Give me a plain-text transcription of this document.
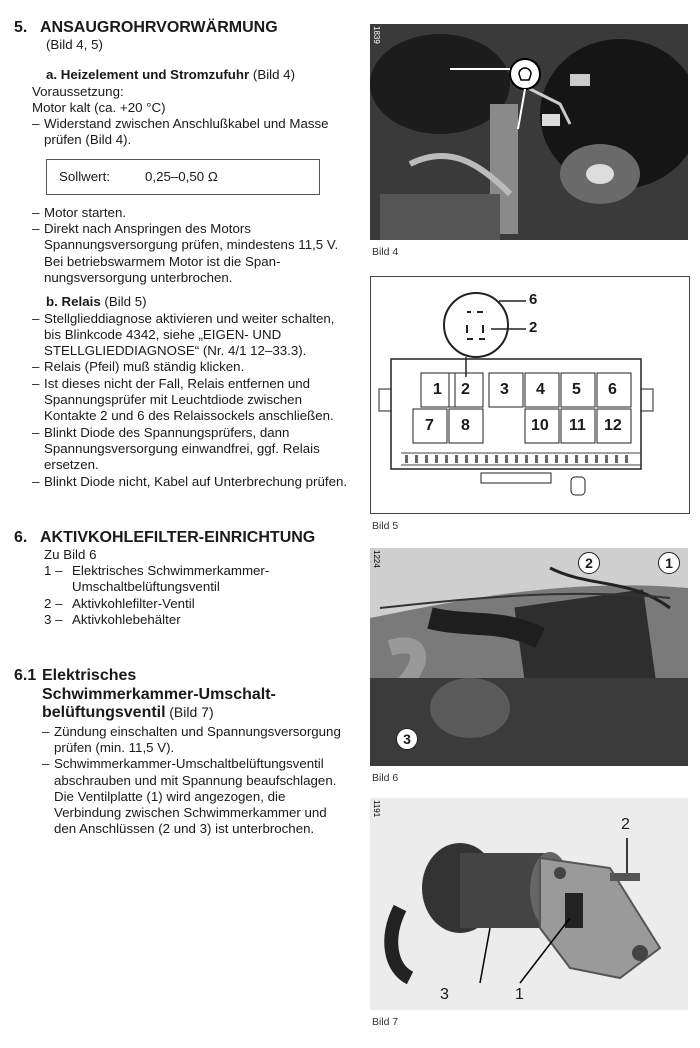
5. ANSAUGROHRVORWÄRMUNG

(Bild 4, 5)

a. Heizelement und Stromzufuhr (Bild 4)

Voraussetzung:

Motor kalt (ca. +20 °C)

– Widerstand zwischen Anschlußkabel und Masse prüfen (Bild 4).

Sollwert:	0,25–0,50 Ω

– Motor starten.

– Direkt nach Anspringen des Motors Spannungsversorgung prüfen, mindestens 11,5 V.

Bei betriebswarmem Motor ist die Spannungsversorgung unterbrochen.

b. Relais (Bild 5)

– Stellglieddiagnose aktivieren und weiter schalten, bis Blinkcode 4342, siehe „EIGEN- UND STELLGLIEDDIAGNOSE“ (Nr. 4/1 12–33.3).

– Relais (Pfeil) muß ständig klicken.

– Ist dieses nicht der Fall, Relais entfernen und Spannungsprüfer mit Leuchtdiode zwischen Kontakte 2 und 6 des Relaissockels anschließen.

– Blinkt Diode des Spannungsprüfers, dann Spannungsversorgung einwandfrei, ggf. Relais ersetzen.

– Blinkt Diode nicht, Kabel auf Unterbrechung prüfen.

6. AKTIVKOHLEFILTER-EINRICHTUNG

Zu Bild 6

1 – Elektrisches Schwimmerkammer-Umschaltbelüftungsventil
2 – Aktivkohlefilter-Ventil
3 – Aktivkohlebehälter
6.1 Elektrisches
Schwimmerkammer-Umschalt-
belüftungsventil (Bild 7)

– Zündung einschalten und Spannungsversorgung prüfen (min. 11,5 V).

– Schwimmerkammer-Umschaltbelüftungsventil abschrauben und mit Spannung beaufschlagen.

Die Ventilplatte (1) wird angezogen, die Verbindung zwischen Schwimmerkammer und den Anschlüssen (2 und 3) ist unterbrochen.

1839

Bild 4

6
2
1 2 3 4 5 6
7 8	10 11 12

Bild 5

1224	1
2
3

Bild 6

1191
1
2
3

Bild 7
